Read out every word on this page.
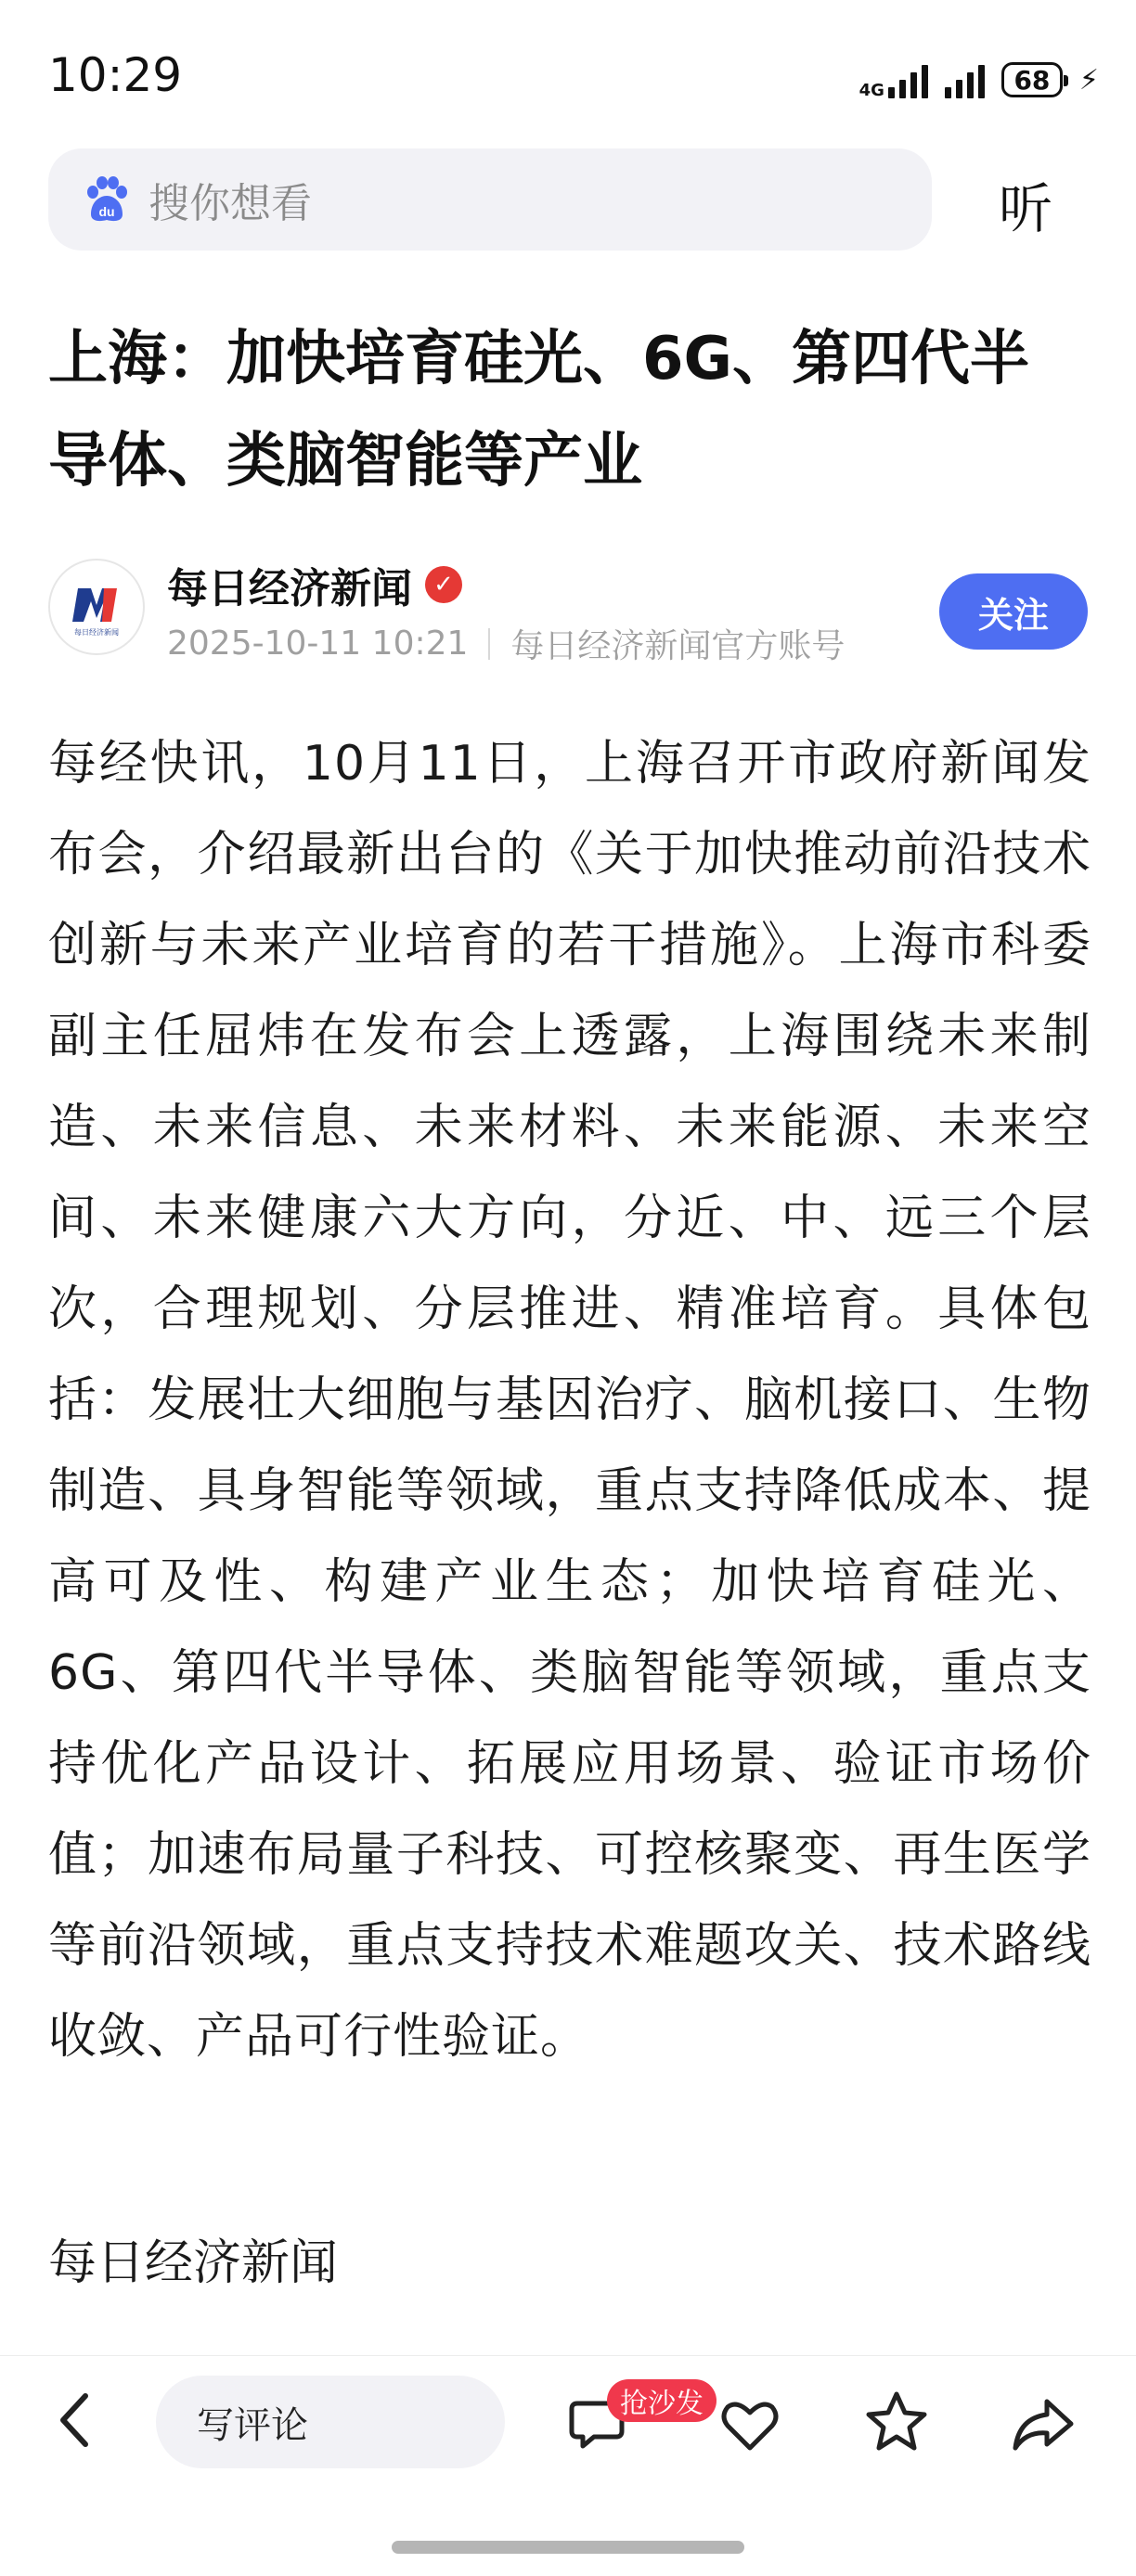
10:29	4G	68 ⚡︎
du 搜你想看	听
上海：加快培育硅光、6G、第四代半导体、类脑智能等产业
每日经济新闻
每日经济新闻 ✓
2025-10-11 10:21 每日经济新闻官方账号
关注
每经快讯，10月11日，上海召开市政府新闻发布会，介绍最新出台的《关于加快推动前沿技术创新与未来产业培育的若干措施》。上海市科委副主任屈炜在发布会上透露，上海围绕未来制造、未来信息、未来材料、未来能源、未来空间、未来健康六大方向，分近、中、远三个层次，合理规划、分层推进、精准培育。具体包括：发展壮大细胞与基因治疗、脑机接口、生物制造、具身智能等领域，重点支持降低成本、提高可及性、构建产业生态；加快培育硅光、6G、第四代半导体、类脑智能等领域，重点支持优化产品设计、拓展应用场景、验证市场价值；加速布局量子科技、可控核聚变、再生医学等前沿领域，重点支持技术难题攻关、技术路线收敛、产品可行性验证。
每日经济新闻
写评论	抢沙发
